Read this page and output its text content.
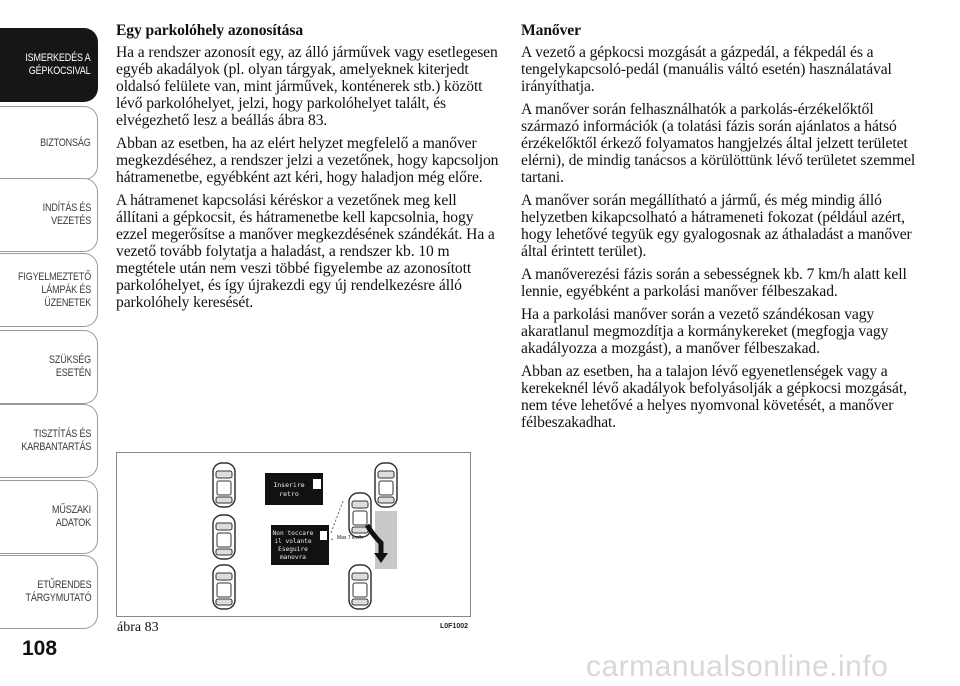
ISMERKEDÉS A
GÉPKOCSIVAL
BIZTONSÁG
INDÍTÁS ÉS
VEZETÉS
FIGYELMEZTETŐ
LÁMPÁK ÉS
ÜZENETEK
SZÜKSÉG ESETÉN
TISZTÍTÁS ÉS
KARBANTARTÁS
MŰSZAKI ADATOK
ETŰRENDES
TÁRGYMUTATÓ
108
Egy parkolóhely azonosítása

Ha a rendszer azonosít egy, az álló járművek vagy esetlegesen egyéb akadályok (pl. olyan tárgyak, amelyeknek kiterjedt oldalsó felülete van, mint járművek, konténerek stb.) között lévő parkolóhelyet, jelzi, hogy parkolóhelyet talált, és elvégezhető lesz a beállás ábra 83.

Abban az esetben, ha az elért helyzet megfelelő a manőver megkezdéséhez, a rendszer jelzi a vezetőnek, hogy kapcsoljon hátramenetbe, egyébként azt kéri, hogy haladjon még előre.

A hátramenet kapcsolási kéréskor a vezetőnek meg kell állítani a gépkocsit, és hátramenetbe kell kapcsolnia, hogy ezzel megerősítse a manőver megkezdésének szándékát. Ha a vezető tovább folytatja a haladást, a rendszer kb. 10 m megtétele után nem veszi többé figyelembe az azonosított parkolóhelyet, és így újrakezdi egy új rendelkezésre álló parkolóhely keresését.

Manőver

A vezető a gépkocsi mozgását a gázpedál, a fékpedál és a tengelykapcsoló-pedál (manuális váltó esetén) használatával irányíthatja.

A manőver során felhasználhatók a parkolás-érzékelőktől származó információk (a tolatási fázis során ajánlatos a hátsó érzékelőktől érkező folyamatos hangjelzés által jelzett területet elérni), de mindig tanácsos a körülöttünk lévő területet szemmel tartani.

A manőver során megállítható a jármű, és még mindig álló helyzetben kikapcsolható a hátrameneti fokozat (például azért, hogy lehetővé tegyük egy gyalogosnak az áthaladást a manőver által érintett terület).

A manőverezési fázis során a sebességnek kb. 7 km/h alatt kell lennie, egyébként a parkolási manőver félbeszakad.

Ha a parkolási manőver során a vezető szándékosan vagy akaratlanul megmozdítja a kormánykereket (megfogja vagy akadályozza a mozgást), a manőver félbeszakad.

Abban az esetben, ha a talajon lévő egyenetlenségek vagy a kerekeknél lévő akadályok befolyásolják a gépkocsi mozgását, nem téve lehetővé a helyes nyomvonal követését, a manőver félbeszakadhat.

Inserire
retro
Non toccare
il volante
Eseguire
manovra
Max 7 km/h
ábra 83	L0F1002
carmanualsonline.info
